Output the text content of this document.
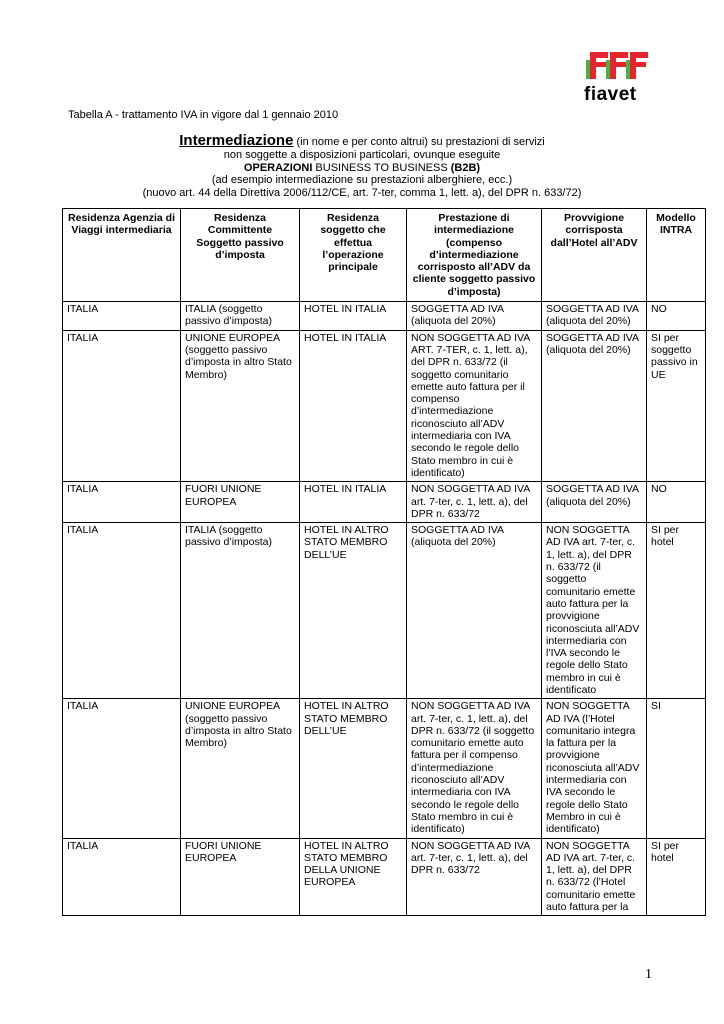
fiavet
Tabella A - trattamento IVA in vigore dal 1 gennaio 2010
Intermediazione (in nome e per conto altrui) su prestazioni di servizi
non soggette a disposizioni particolari, ovunque eseguite
OPERAZIONI BUSINESS TO BUSINESS (B2B)
(ad esempio intermediazione su prestazioni alberghiere, ecc.)
(nuovo art. 44 della Direttiva 2006/112/CE, art. 7-ter, comma 1, lett. a), del DPR n. 633/72)
Residenza Agenzia di Viaggi intermediaria	Residenza Committente Soggetto passivo d’imposta	Residenza soggetto che effettua l’operazione principale	Prestazione di intermediazione (compenso d’intermediazione corrisposto all’ADV da cliente soggetto passivo d’imposta)	Provvigione corrisposta dall’Hotel all’ADV	Modello INTRA
ITALIA	ITALIA (soggetto passivo d’imposta)	HOTEL IN ITALIA	SOGGETTA AD IVA (aliquota del 20%)	SOGGETTA AD IVA (aliquota del 20%)	NO
ITALIA	UNIONE EUROPEA (soggetto passivo d’imposta in altro Stato Membro)	HOTEL IN ITALIA	NON SOGGETTA AD IVA ART. 7-TER, c. 1, lett. a), del DPR n. 633/72 (il soggetto comunitario emette auto fattura per il compenso d’intermediazione riconosciuto all’ADV intermediaria con IVA secondo le regole dello Stato membro in cui è identificato)	SOGGETTA AD IVA (aliquota del 20%)	SI per soggetto passivo in UE
ITALIA	FUORI UNIONE EUROPEA	HOTEL IN ITALIA	NON SOGGETTA AD IVA art. 7-ter, c. 1, lett. a), del DPR n. 633/72	SOGGETTA AD IVA (aliquota del 20%)	NO
ITALIA	ITALIA (soggetto passivo d’imposta)	HOTEL IN ALTRO STATO MEMBRO DELL’UE	SOGGETTA AD IVA (aliquota del 20%)	NON SOGGETTA AD IVA art. 7-ter, c. 1, lett. a), del DPR n. 633/72 (il soggetto comunitario emette auto fattura per la provvigione riconosciuta all’ADV intermediaria con l’IVA secondo le regole dello Stato membro in cui è identificato	SI per hotel
ITALIA	UNIONE EUROPEA (soggetto passivo d’imposta in altro Stato Membro)	HOTEL IN ALTRO STATO MEMBRO DELL’UE	NON SOGGETTA AD IVA art. 7-ter, c. 1, lett. a), del DPR n. 633/72 (il soggetto comunitario emette auto fattura per il compenso d’intermediazione riconosciuto all’ADV intermediaria con IVA secondo le regole dello Stato membro in cui è identificato)	NON SOGGETTA AD IVA (l’Hotel comunitario integra la fattura per la provvigione riconosciuta all’ADV intermediaria con IVA secondo le regole dello Stato Membro in cui è identificato)	SI
ITALIA	FUORI UNIONE EUROPEA	HOTEL IN ALTRO STATO MEMBRO DELLA UNIONE EUROPEA	NON SOGGETTA AD IVA art. 7-ter, c. 1, lett. a), del DPR n. 633/72	NON SOGGETTA AD IVA art. 7-ter, c. 1, lett. a), del DPR n. 633/72 (l’Hotel comunitario emette auto fattura per la	SI per hotel
1
